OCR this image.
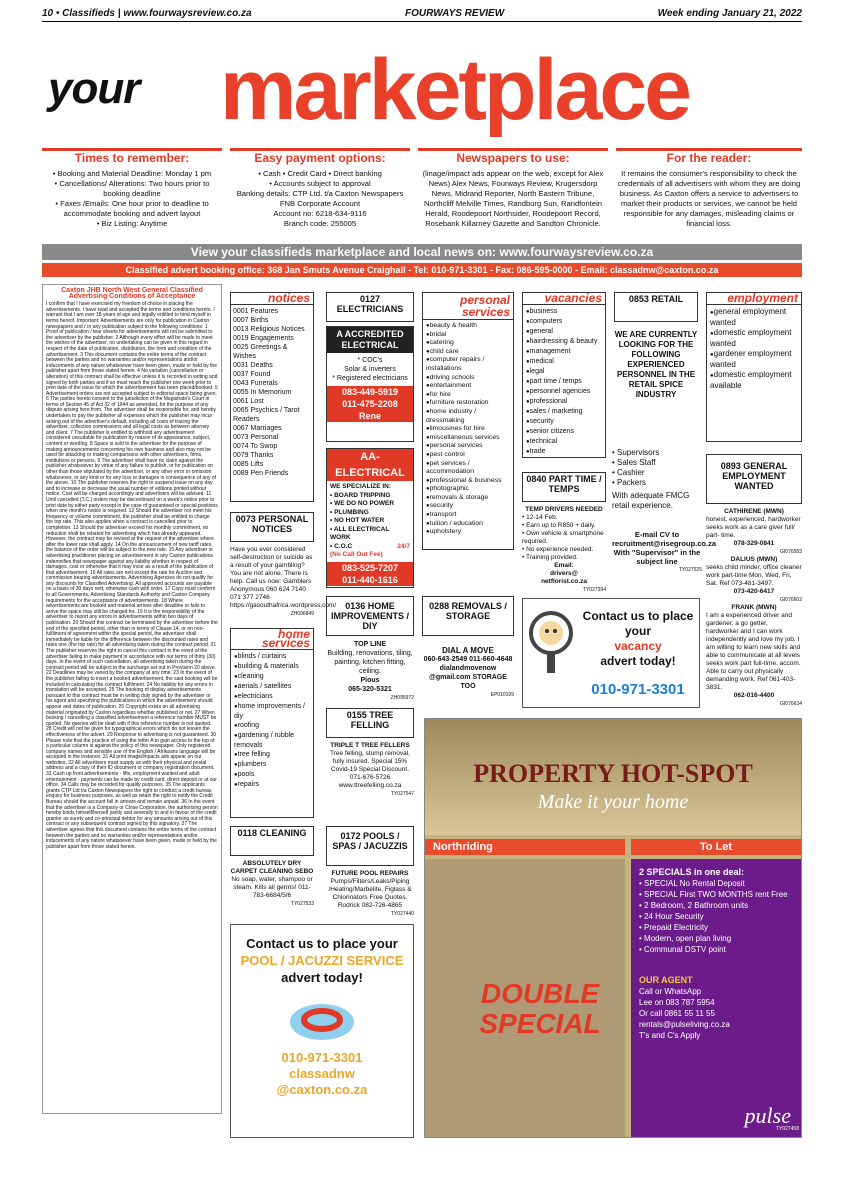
10 • Classifieds | www.fourwaysreview.co.za	FOURWAYS REVIEW	Week ending January 21, 2022
your marketplace
Times to remember:
• Booking and Material Deadline: Monday 1 pm
• Cancellations/ Alterations: Two hours prior to booking deadline
• Faxes /Emails: One hour prior to deadline to accommodate booking and advert layout
• Biz Listing: Anytime
Easy payment options:
• Cash • Credit Card • Direct banking
• Accounts subject to approval
Banking details: CTP Ltd. t/a Caxton Newspapers
FNB Corporate Account
Account no: 6218-634-9116
Branch code: 255005
Newspapers to use:
(linage/impact ads appear on the web, except for Alex News) Alex News, Fourways Review, Krugersdorp News, Midrand Reporter, North Eastern Tribune, Northcliff Melville Times, Randburg Sun, Randfontein Herald, Roodepoort Northsider, Roodepoort Record, Rosebank Killarney Gazette and Sandton Chronicle.
For the reader:
It remains the consumer's responsibility to check the credentials of all advertisers with whom they are doing business. As Caxton offers a service to advertisers to market their products or services, we cannot be held responsible for any damages, misleading claims or financial loss.
View your classifieds marketplace and local news on: www.fourwaysreview.co.za
Classified advert booking office: 368 Jan Smuts Avenue Craighall - Tel: 010-971-3301 - Fax: 086-595-0000 - Email: classadnw@caxton.co.za
Caxton JHB North West General Classified Advertising Conditions of Acceptance
I confirm that I have exercised my freedom of choice in placing the advertisements. I have read and accepted the terms and conditions hereto. I warrant that I am over 18 years of age and legally entitled to bind myself in terms hereof. Important: Advertisements are only for publication in Caxton newspapers and / or any publication subject to the following conditions: 1 Proof of publication / tear sheets for advertisements will not be submitted to the advertiser by the publisher. 2 Although every effort will be made to meet the wishes of the advertiser, no undertaking can be given in this regard in respect of the date of publication, distribution, the form and condition of the advertisement. 3 This document contains the entire terms of the contract between the parties and no warranties and/or representations and/or inducements of any nature whatsoever have been given, made or held by the publisher apart from those stated herein. 4 No variation (cancellation or alteration) of this contract shall be effective unless it is recorded in writing and signed by both parties and if so must reach the publisher one week prior to print date of the issue for which the advertisement has been placed/booked. 5 Advertisement orders are not accepted subject to editorial space being given. 6 The parties hereto consent to the jurisdiction of the Magistrate's Court in terms of Section 45 of Act 32 of 1944 as amended, for the purpose of any dispute arising here from. The advertiser shall be responsible for, and hereby undertakes to pay the publisher all expenses which the publisher may incur arising out of the advertiser's default, including all costs of tracing the advertiser, collection commissions and all legal costs as between attorney and client. 7 The publisher is entitled to withhold any advertisement considered unsuitable for publication by reason of its appearance, subject, content or wording. 8 Space is sold to the advertiser for the purpose of making announcements concerning his own business and also may not be used for attacking or making comparisons with other advertisers, firms, institutions or persons. 9 The advertiser shall have no claim against the publisher whatsoever by virtue of any failure to publish, or for publication on other than those stipulated by the advertiser, or any other error or omission whatsoever, or any kind or for any loss or damages in consequence of any of the above. 10 The publisher reserves the right to suspend issue on any day and to increase or decrease the usual number of editions printed without notice. Cost will be charged accordingly and advertisers will be advised. 11 Until cancelled (T.C.) orders may be discontinued on a week's notice prior to print date by either party except in the case of guaranteed or special positions when one month's notice is required. 12 Should the advertiser not meet his frequency or volume commitment, the publisher shall be entitled to charge the top rate. This also applies when a contract is cancelled prior to completion. 13 Should the advertiser exceed his monthly commitment, no reduction shall be rebated for advertising which has already appeared. However, the contract may be revised at the request of the advertiser where after the lower rate shall apply. 14 On the announcement of new tariff rates, the balance of the order will be subject to the new rate. 15 Any advertiser or advertising practitioner placing an advertisement in any Caxton publications indemnifies that newspaper against any liability whether in respect of damages, cost or otherwise that it may incur as a result of the publication of that advertisement. 16 All rates are nett except the rate for Auction and commission bearing advertisements. Advertising Agencies do not qualify for any discounts for Classified Advertising. All approved accounts are payable on a basis of 30 days nett, otherwise cash with order. 17 Copy must conform to all Governments, Advertising Standards Authority and Caxton Company requirements for the acceptance of advertisements. 18 Where advertisements are booked and material arrives after deadline or fails to arrive the space may still be charged for. 19 It is the responsibility of the advertiser to report any errors in advertisements within two days of publication. 20 Should this contract be terminated by the advertiser before the end of the specified period, other than in terms of Clause 14, or on non-fulfilment of agreement within the special period, the advertiser shall immediately be liable for the difference between the discounted rates and rates one (the top rate) for all advertising taken during the contract period. 21 The publisher reserves the right to cancel this contract in the event of the advertiser failing to make payment in accordance with our terms of thirty (30) days. In the event of such cancellation, all advertising taken during the contract period will be subject to the surcharge set out in Provision 20 above. 22 Deadlines may be varied by the company at any time. 23 In the event of the publisher failing to insert a booked advertisement, the said booking will be included in calculating the contract fulfilment. 24 No liability for any errors in translation will be accepted. 25 The booking of display advertisements pursuant to this contract must be in writing duly signed by the advertiser or his agent and specifying the publications in which the advertisement should appear and dates of publication. 26 Copyright exists on all advertising material originated by Caxton regardless whether published or not. 27 When booking / cancelling a classified advertisement a reference number MUST be quoted. No queries will be dealt with if this reference number is not quoted. 28 Credit will not be given for typographical errors which do not lessen the effectiveness of the advert. 29 Response to advertising is not guaranteed. 30 Please note that the practice of using the letter A to gain access to the top of a particular column is against the policy of this newspaper. Only registered company names and sensible use of the English / Afrikaans language will be accepted in the instance. 31 All print image/impacts ads appear on our websites. 32 All advertisers must supply us with their physical and postal address and a copy of their ID document or company registration document. 33 Cash up front advertisements - lifts, employment wanted and adult entertainment - payments can be made by credit card, direct deposit or at our office. 34 Calls may be recorded for quality purposes. 35 The applicants grants CTP Ltd t/a Caxton Newspapers the right to conduct a credit bureau enquiry for business purposes, as well as retain the right to notify the Credit Bureau should the account fall in arrears and remain unpaid. 36 In the event that the advertiser is a Company or Close Corporation, the authorising person hereby binds himself/herself jointly and severally to and in favour of the credit grantor as surety and co-principal debtor for any amounts arising out of this contract or any subsequent contract signed by this signatory. 37 The advertiser agrees that this document contains the entire terms of the contract between the parties and no warranties and/or representations and/or inducements of any nature whatsoever have been given, made or held by the publisher apart from those stated herein.
notices
0001 Features
0007 Births
0013 Religious Notices
0019 Engagements
0025 Greetings & Wishes
0031 Deaths
0037 Found
0043 Funerals
0055 In Memorium
0061 Lost
0065 Psychics / Tarot Readers
0067 Marriages
0073 Personal
0074 To Swop
0079 Thanks
0085 Lifts
0089 Pen Friends
0073 PERSONAL NOTICES
Have you ever considered self-destruction or suicide as a result of your gambling? You are not alone. There is help. Call us now: Gamblers Anonymous 060 624 7140 071 377 2746 https://gasouthafrica.wordpress.com/
ZH096849
home services
● blinds / curtains
● building & materials
● cleaning
● aerials / satellites
● electricians
● home improvements / diy
● roofing
● gardening / rubble removals
● tree felling
● plumbers
● pools
● repairs
0118 CLEANING
ABSOLUTELY DRY CARPET CLEANING SEBO
No soap, water, shampoo or steam. Kills all germs! 011-783-6684/5/6
TY027533
0127 ELECTRICIANS
A ACCREDITED ELECTRICAL
* COC's
Solar & inverters
* Registered electricians
083-449-5919
011-475-2208
Rene
AA-ELECTRICAL
WE SPECIALIZE IN:
• BOARD TRIPPING
• WE DO NO POWER
• PLUMBING
• NO HOT WATER
• ALL ELECTRICAL WORK
• C.O.C	24/7
(No Call Out Fee)
083-525-7207
011-440-1616
0136 HOME IMPROVEMENTS / DIY
TOP LINE
Building, renovations, tiling, painting, kitchen fitting, ceiling.
Pious
065-320-5321
ZH095972
0155 TREE FELLING
TRIPLE T TREE FELLERS
Tree felling, stump removal, fully insured. Special 15% Covid-19 Special Discount. 071-676-5726 www.ttreefelling.co.za
TY027547
0172 POOLS / SPAS / JACUZZIS
FUTURE POOL REPAIRS
Pumps/Filters/Leaks/Piping /Heating/Marbelite, Figlass & Chlorinators Free Quotes. Rodrick 082-726-4865
TY027440
personal services
● beauty & health
● bridal
● catering
● child care
● computer repairs / installations
● driving schools
● entertainment
● for hire
● furniture restoration
● home industry / dressmaking
● limousines for hire
● miscellaneous services
● personal services
● pest control
● pet services / accommodation
● professional & business
● photographic
● removals & storage
● security
● transport
● tuition / education
● upholstery
0288 REMOVALS / STORAGE
DIAL A MOVE
060-643-2549 011-660-4648 dialandmovenow @gmail.com STORAGE TOO
EP010199
vacancies
● business
● computers
● general
● hairdressing & beauty
● management
● medical
● legal
● part time / temps
● personnel agencies
● professional
● sales / marketing
● security
● senior citizens
● technical
● trade
0840 PART TIME / TEMPS
TEMP DRIVERS NEEDED
• 12-14 Feb.
• Earn up to R850 + daily.
• Own vehicle & smartphone required.
• No experience needed.
• Training provided.
Email:
drivers@
netflorist.co.za
TY027394
0853 RETAIL
WE ARE CURRENTLY LOOKING FOR THE FOLLOWING EXPERIENCED PERSONNEL IN THE RETAIL SPICE INDUSTRY
• Supervisors
• Sales Staff
• Cashier
• Packers
With adequate FMCG retail experience.
E-mail CV to recruitment@risegroup.co.za With "Supervisor" in the subject line
TY027525
employment
● general employment wanted
● domestic employment wanted
● gardener employment wanted
● domestic employment available
0893 GENERAL EMPLOYMENT WANTED
CATHIRENE (MWN)
honest, experienced, hardworker seeks work as a care giver full/ part- time.
078-329-0841
GI076583
DALIUS (MWN)
seeks child minder, office cleaner work part-time Mon, Wed, Fri, Sat. Ref 073-481-3497.
073-420-6417
GI076602
FRANK (MWN)
I am a experienced driver and gardener, a go getter, hardworker and I can work independently and love my job. I am willing to learn new skills and able to communicate at all levels seeks work part full-time, accom. Able to carry out physically demanding work. Ref 061-403- 3831.
062-016-4400
GI076634
Contact us to place your
vacancy
advert today!
010-971-3301
Contact us to place your
POOL / JACUZZI SERVICE
advert today!
010-971-3301
classadnw
@caxton.co.za
PROPERTY HOT-SPOT
Make it your home
Northriding	To Let
DOUBLE SPECIAL
2 SPECIALS in one deal:
• SPECIAL No Rental Deposit
• SPECIAL First TWO MONTHS rent Free
• 2 Bedroom, 2 Bathroom units
• 24 Hour Security
• Prepaid Electricity
• Modern, open plan living
• Communal DSTV point
OUR AGENT
Call or WhatsApp
Lee on 083 787 5954
Or call 0861 55 11 55
rentals@pulseliving.co.za
T's and C's Apply
pulse
TY027458
